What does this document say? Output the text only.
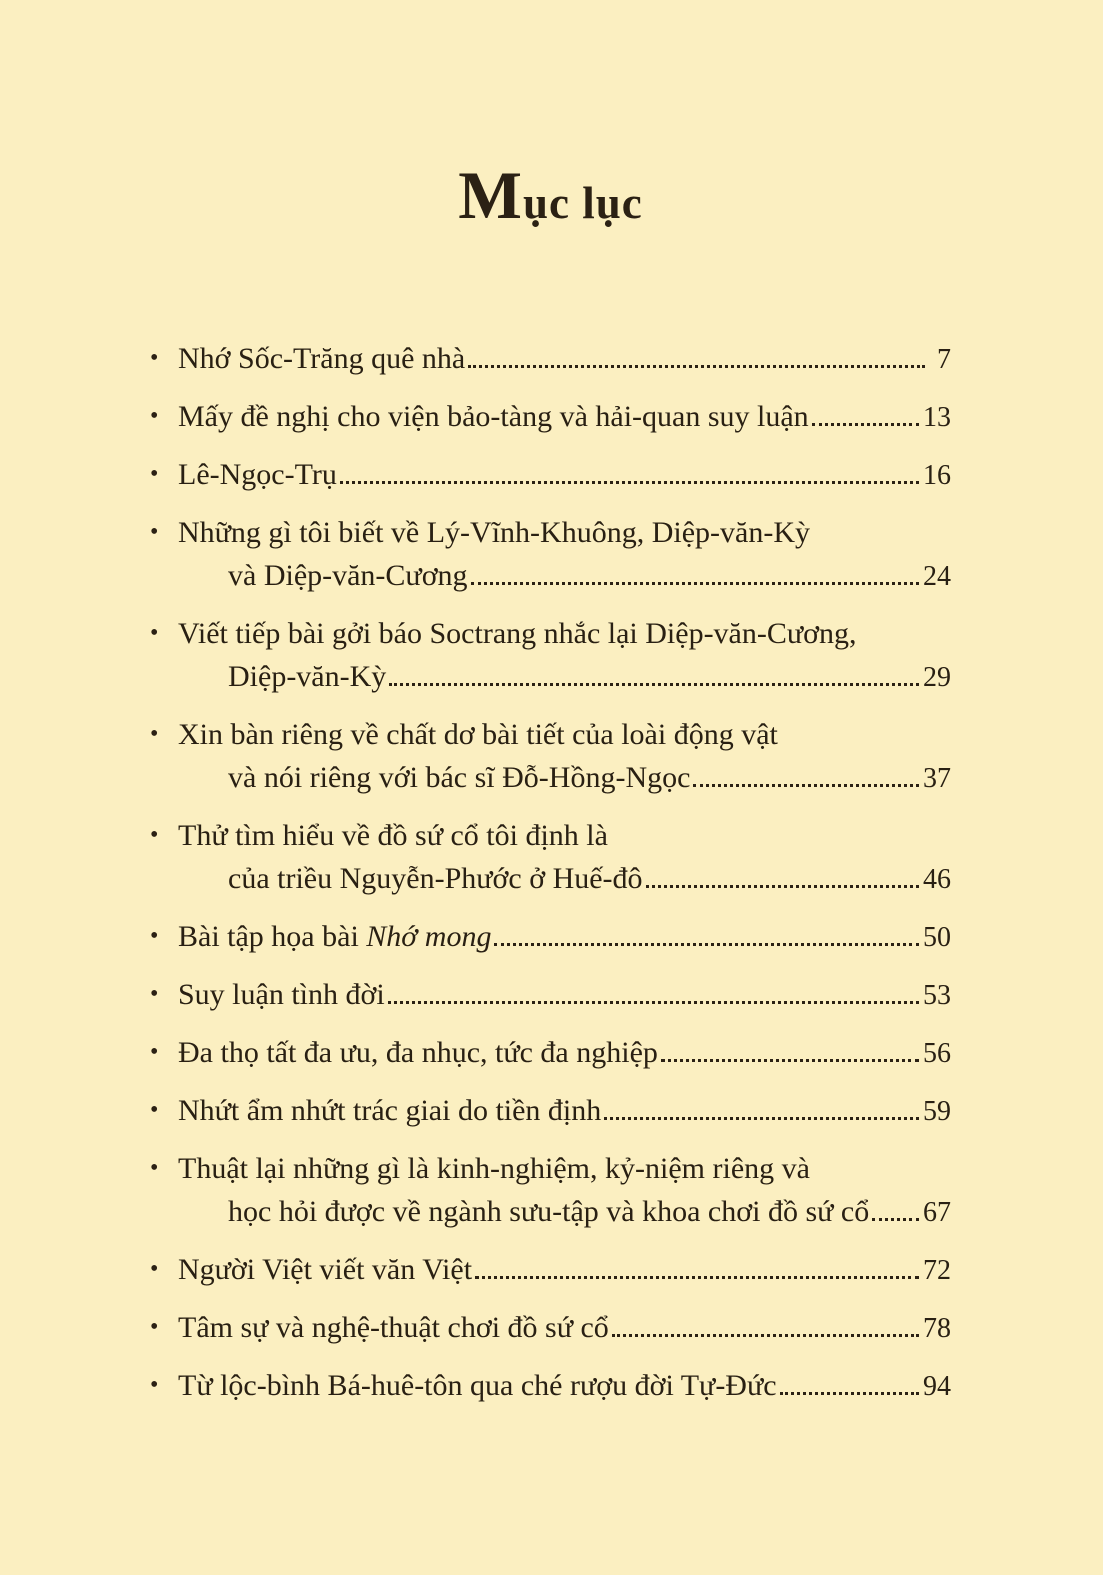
Mục lục
• Nhớ Sốc-Trăng quê nhà	7
• Mấy đề nghị cho viện bảo-tàng và hải-quan suy luận	13
• Lê-Ngọc-Trụ	16
• Những gì tôi biết về Lý-Vĩnh-Khuông, Diệp-văn-Kỳ
và Diệp-văn-Cương	24
• Viết tiếp bài gởi báo Soctrang nhắc lại Diệp-văn-Cương,
Diệp-văn-Kỳ	29
• Xin bàn riêng về chất dơ bài tiết của loài động vật
và nói riêng với bác sĩ Đỗ-Hồng-Ngọc	37
• Thử tìm hiểu về đồ sứ cổ tôi định là
của triều Nguyễn-Phước ở Huế-đô	46
• Bài tập họa bài Nhớ mong	50
• Suy luận tình đời	53
• Đa thọ tất đa ưu, đa nhục, tức đa nghiệp	56
• Nhứt ẩm nhứt trác giai do tiền định	59
• Thuật lại những gì là kinh-nghiệm, kỷ-niệm riêng và
học hỏi được về ngành sưu-tập và khoa chơi đồ sứ cổ 67
• Người Việt viết văn Việt	72
• Tâm sự và nghệ-thuật chơi đồ sứ cổ	78
• Từ lộc-bình Bá-huê-tôn qua ché rượu đời Tự-Đức	94
